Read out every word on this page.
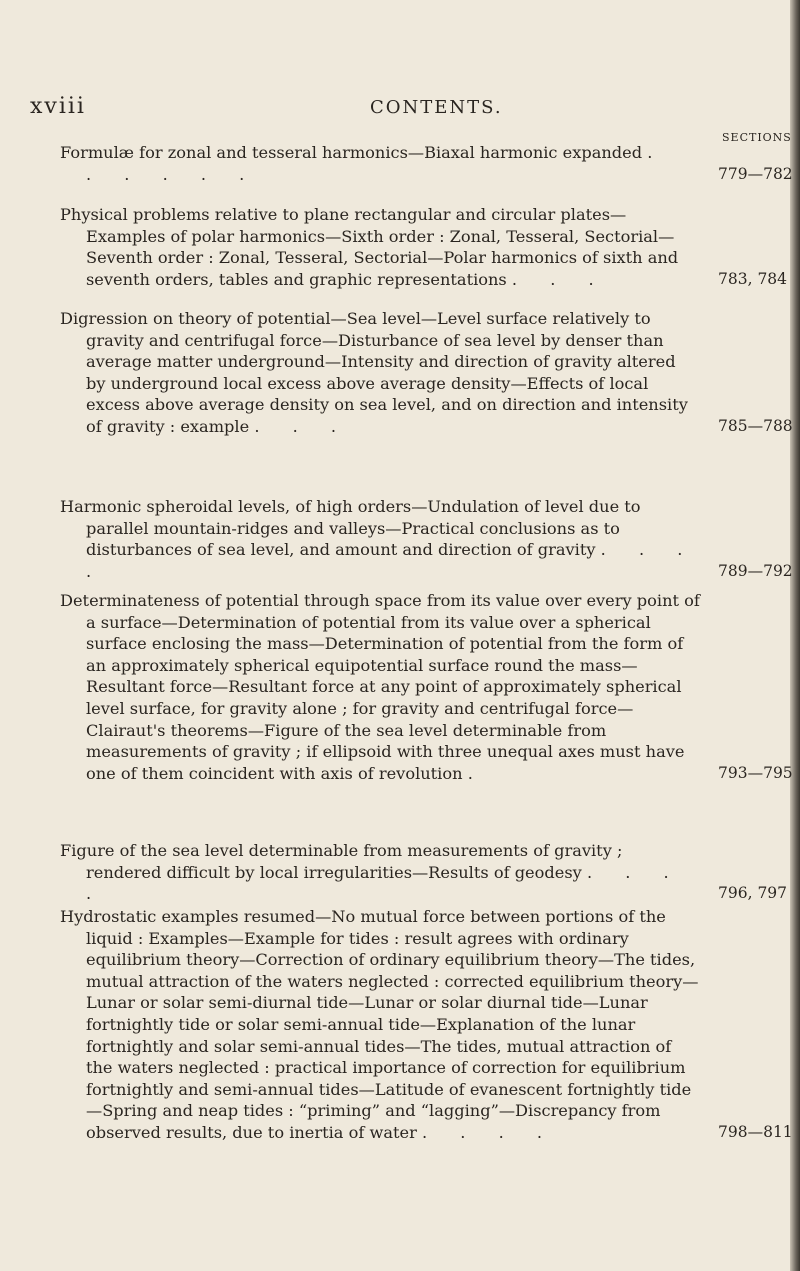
xviii	CONTENTS.
SECTIONS
Formulæ for zonal and tesseral harmonics—Biaxal harmonic expanded . . . . . .	779—782
Physical problems relative to plane rectangular and circular plates—Examples of polar harmonics—Sixth order : Zonal, Tesseral, Sectorial—Seventh order : Zonal, Tesseral, Sectorial—Polar harmonics of sixth and seventh orders, tables and graphic representations . . .	783, 784
Digression on theory of potential—Sea level—Level surface relatively to gravity and centrifugal force—Disturbance of sea level by denser than average matter underground—Intensity and direction of gravity altered by underground local excess above average density—Effects of local excess above average density on sea level, and on direction and intensity of gravity : example . . .	785—788
Harmonic spheroidal levels, of high orders—Undulation of level due to parallel mountain-ridges and valleys—Practical conclusions as to disturbances of sea level, and amount and direction of gravity . . . .	789—792
Determinateness of potential through space from its value over every point of a surface—Determination of potential from its value over a spherical surface enclosing the mass—Determination of potential from the form of an approximately spherical equipotential surface round the mass—Resultant force—Resultant force at any point of approximately spherical level surface, for gravity alone ; for gravity and centrifugal force—Clairaut's theorems—Figure of the sea level determinable from measurements of gravity ; if ellipsoid with three unequal axes must have one of them coincident with axis of revolution .	793—795
Figure of the sea level determinable from measurements of gravity ; rendered difficult by local irregularities—Results of geodesy . . . .	796, 797
Hydrostatic examples resumed—No mutual force between portions of the liquid : Examples—Example for tides : result agrees with ordinary equilibrium theory—Correction of ordinary equilibrium theory—The tides, mutual attraction of the waters neglected : corrected equilibrium theory—Lunar or solar semi-diurnal tide—Lunar or solar diurnal tide—Lunar fortnightly tide or solar semi-annual tide—Explanation of the lunar fortnightly and solar semi-annual tides—The tides, mutual attraction of the waters neglected : practical importance of correction for equilibrium fortnightly and semi-annual tides—Latitude of evanescent fortnightly tide—Spring and neap tides : “priming” and “lagging”—Discrepancy from observed results, due to inertia of water . . . .	798—811
